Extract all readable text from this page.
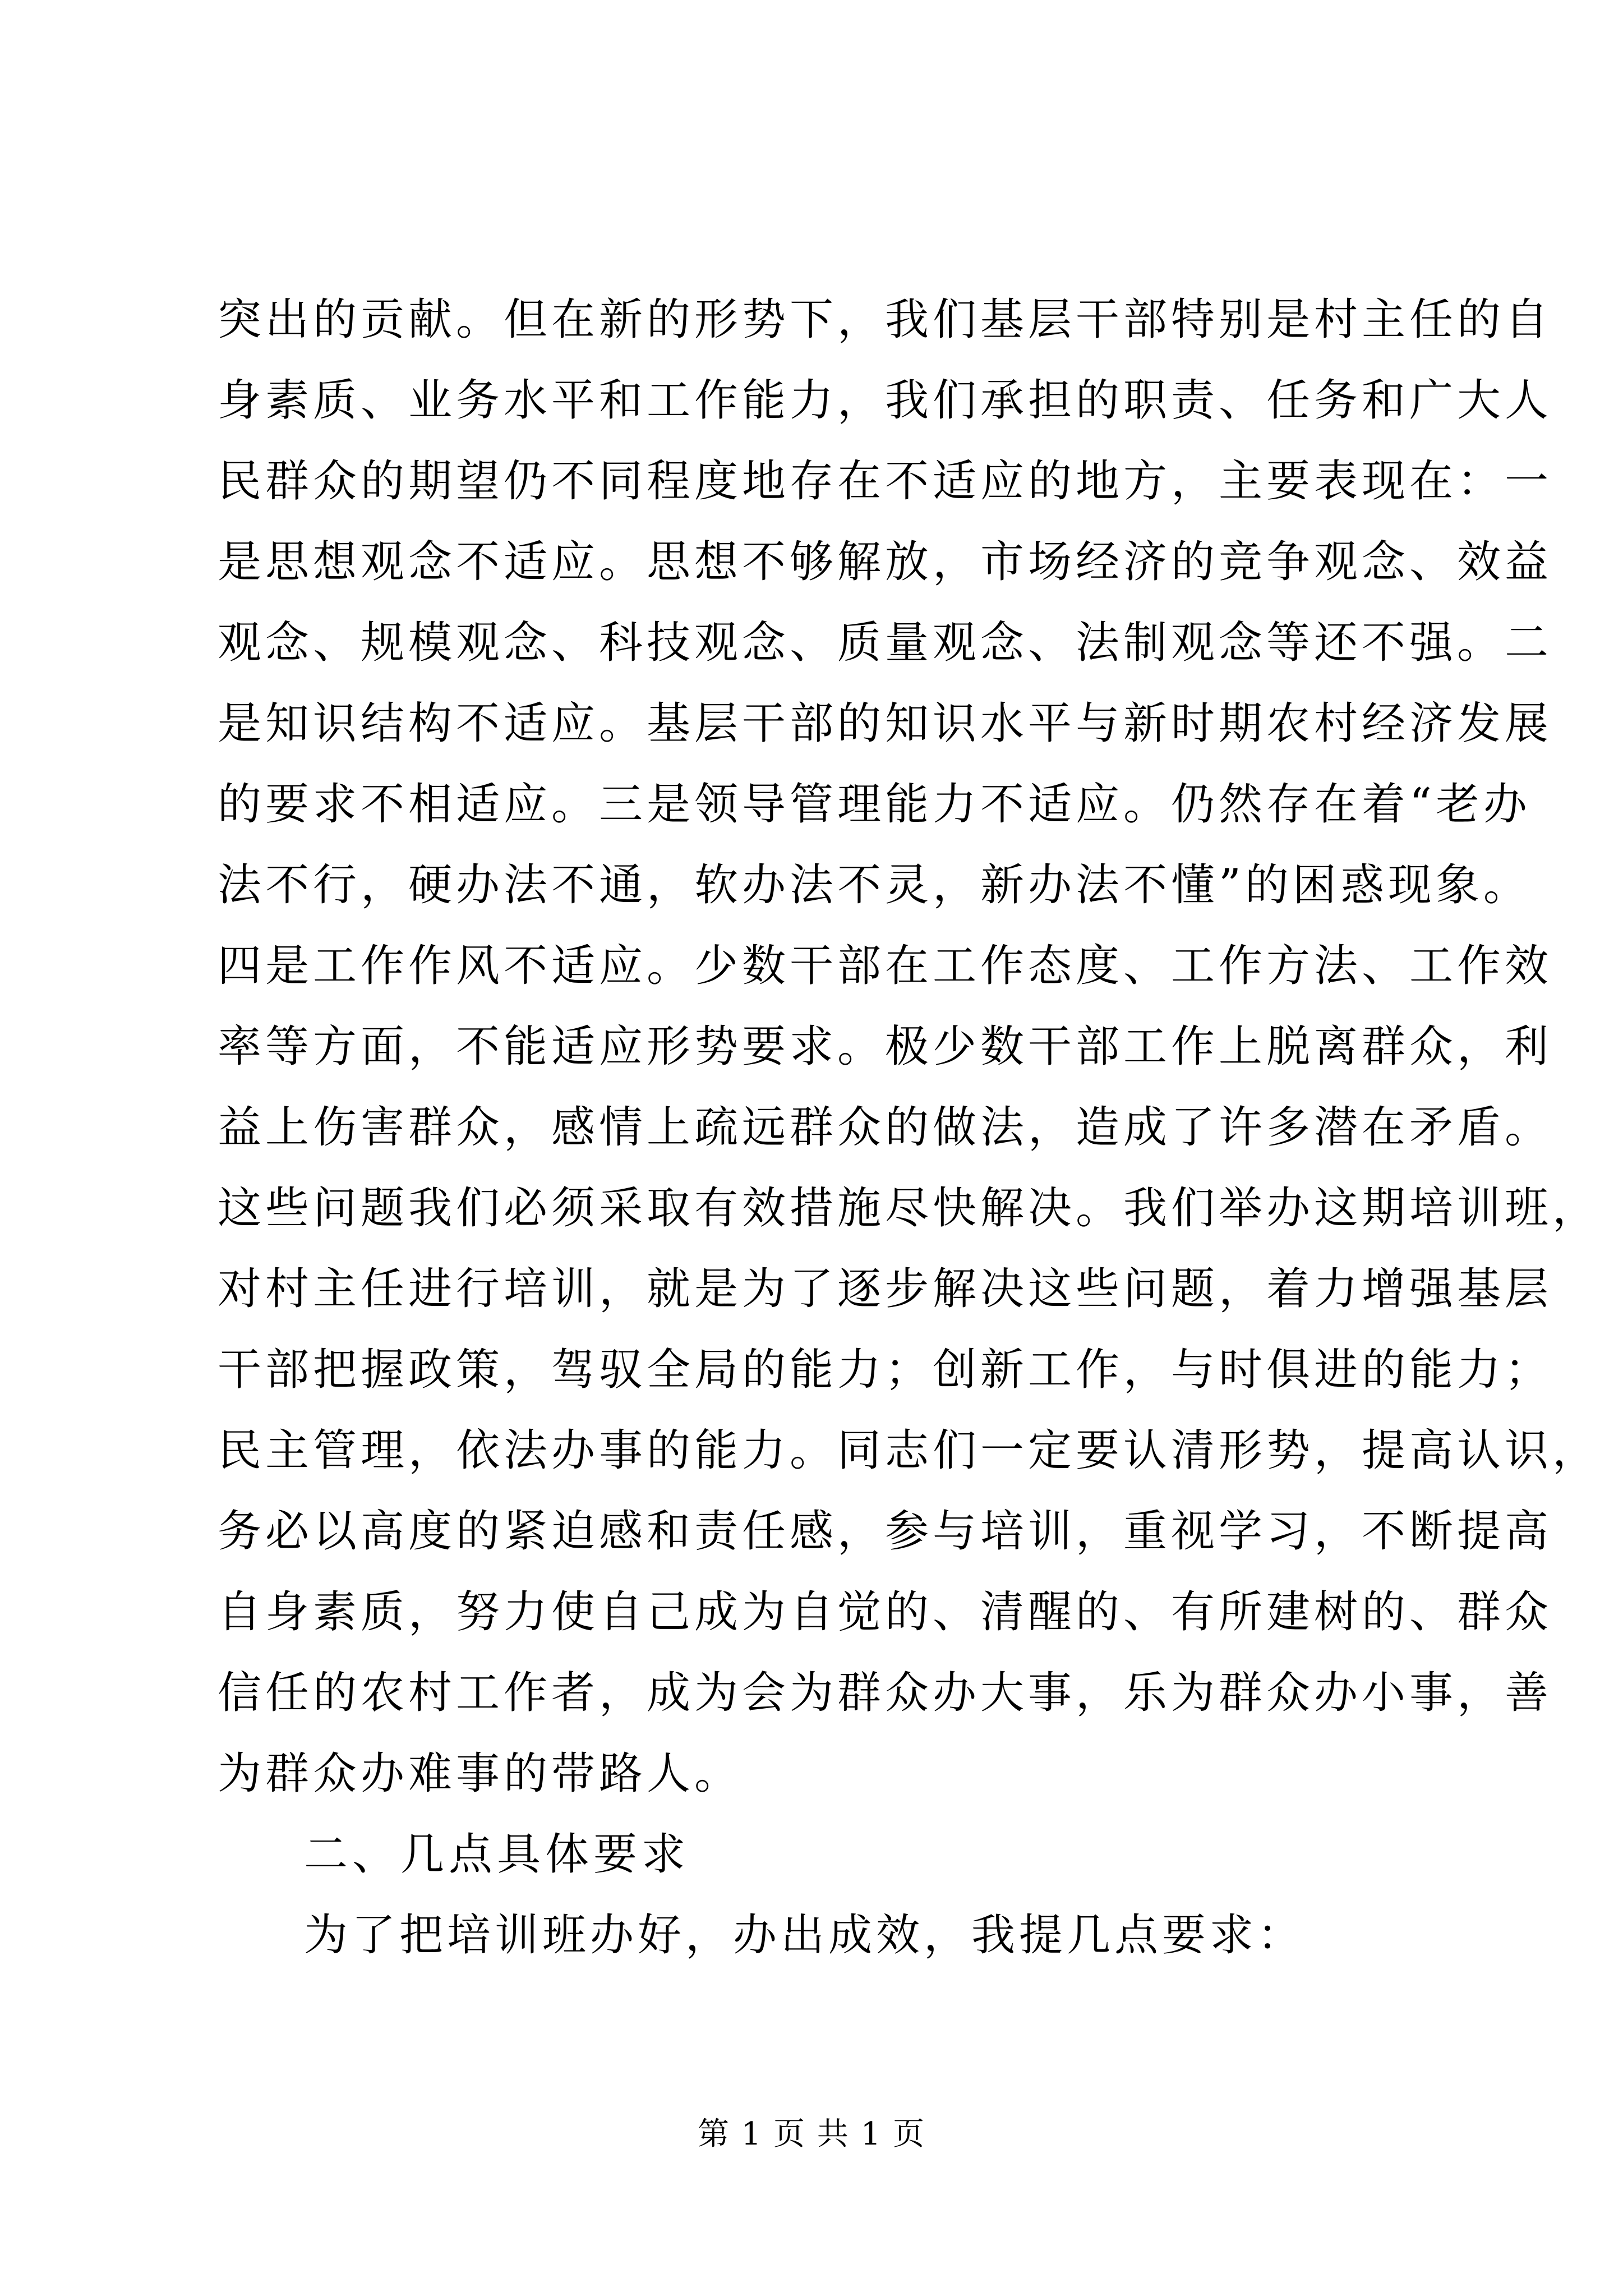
突出的贡献。但在新的形势下，我们基层干部特别是村主任的自
身素质、业务水平和工作能力，我们承担的职责、任务和广大人
民群众的期望仍不同程度地存在不适应的地方，主要表现在：一
是思想观念不适应。思想不够解放，市场经济的竞争观念、效益
观念、规模观念、科技观念、质量观念、法制观念等还不强。二
是知识结构不适应。基层干部的知识水平与新时期农村经济发展
的要求不相适应。三是领导管理能力不适应。仍然存在着“老办
法不行，硬办法不通，软办法不灵，新办法不懂”的困惑现象。
四是工作作风不适应。少数干部在工作态度、工作方法、工作效
率等方面，不能适应形势要求。极少数干部工作上脱离群众，利
益上伤害群众，感情上疏远群众的做法，造成了许多潜在矛盾。
这些问题我们必须采取有效措施尽快解决。我们举办这期培训班，
对村主任进行培训，就是为了逐步解决这些问题，着力增强基层
干部把握政策，驾驭全局的能力；创新工作，与时俱进的能力；
民主管理，依法办事的能力。同志们一定要认清形势，提高认识，
务必以高度的紧迫感和责任感，参与培训，重视学习，不断提高
自身素质，努力使自己成为自觉的、清醒的、有所建树的、群众
信任的农村工作者，成为会为群众办大事，乐为群众办小事，善
为群众办难事的带路人。
二、几点具体要求
为了把培训班办好，办出成效，我提几点要求：
第 1 页 共 1 页
